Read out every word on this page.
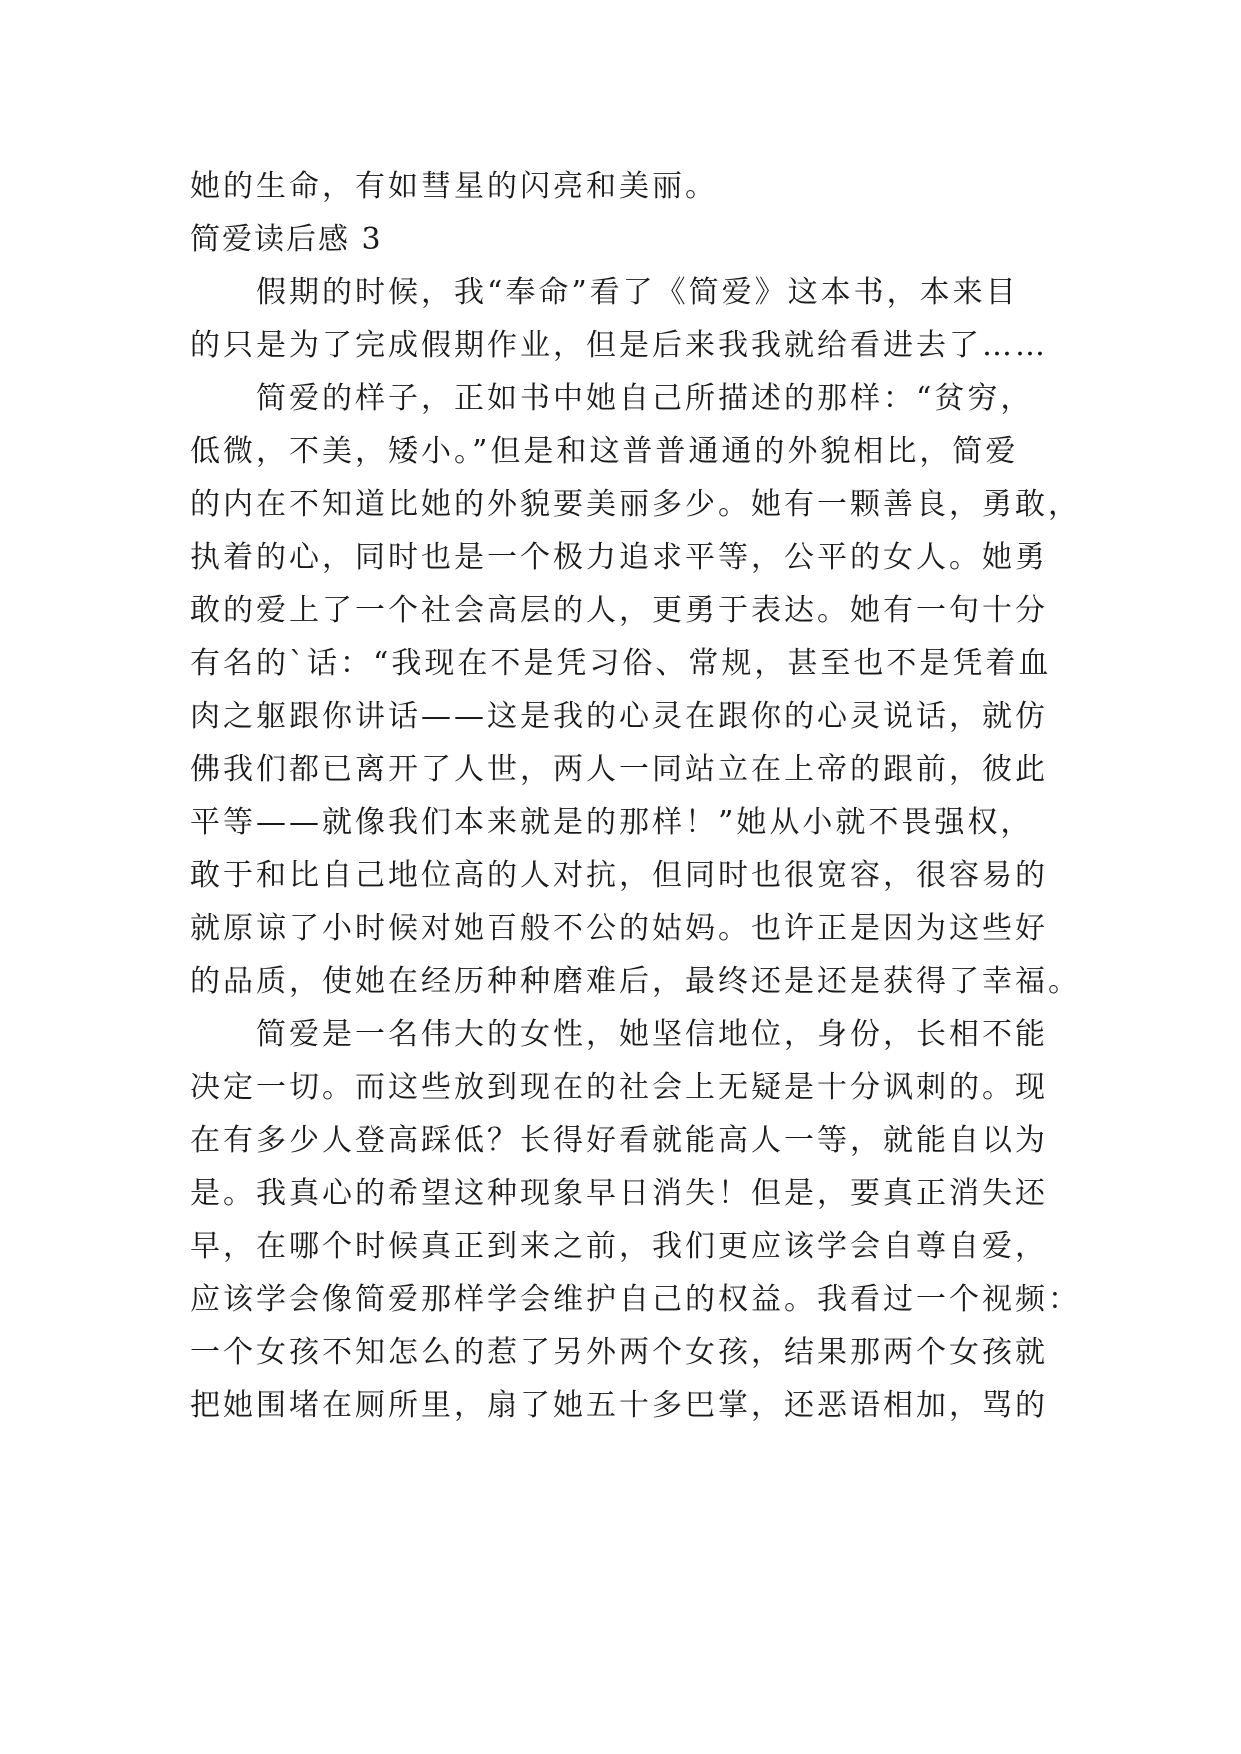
她的生命，有如彗星的闪亮和美丽。
简爱读后感 3
假期的时候，我“奉命”看了《简爱》这本书，本来目
的只是为了完成假期作业，但是后来我我就给看进去了……
简爱的样子，正如书中她自己所描述的那样：“贫穷，
低微，不美，矮小。”但是和这普普通通的外貌相比，简爱
的内在不知道比她的外貌要美丽多少。她有一颗善良，勇敢，
执着的心，同时也是一个极力追求平等，公平的女人。她勇
敢的爱上了一个社会高层的人，更勇于表达。她有一句十分
有名的`话：“我现在不是凭习俗、常规，甚至也不是凭着血
肉之躯跟你讲话——这是我的心灵在跟你的心灵说话，就仿
佛我们都已离开了人世，两人一同站立在上帝的跟前，彼此
平等——就像我们本来就是的那样！”她从小就不畏强权，
敢于和比自己地位高的人对抗，但同时也很宽容，很容易的
就原谅了小时候对她百般不公的姑妈。也许正是因为这些好
的品质，使她在经历种种磨难后，最终还是还是获得了幸福。
简爱是一名伟大的女性，她坚信地位，身份，长相不能
决定一切。而这些放到现在的社会上无疑是十分讽刺的。现
在有多少人登高踩低？长得好看就能高人一等，就能自以为
是。我真心的希望这种现象早日消失！但是，要真正消失还
早，在哪个时候真正到来之前，我们更应该学会自尊自爱，
应该学会像简爱那样学会维护自己的权益。我看过一个视频：
一个女孩不知怎么的惹了另外两个女孩，结果那两个女孩就
把她围堵在厕所里，扇了她五十多巴掌，还恶语相加，骂的
